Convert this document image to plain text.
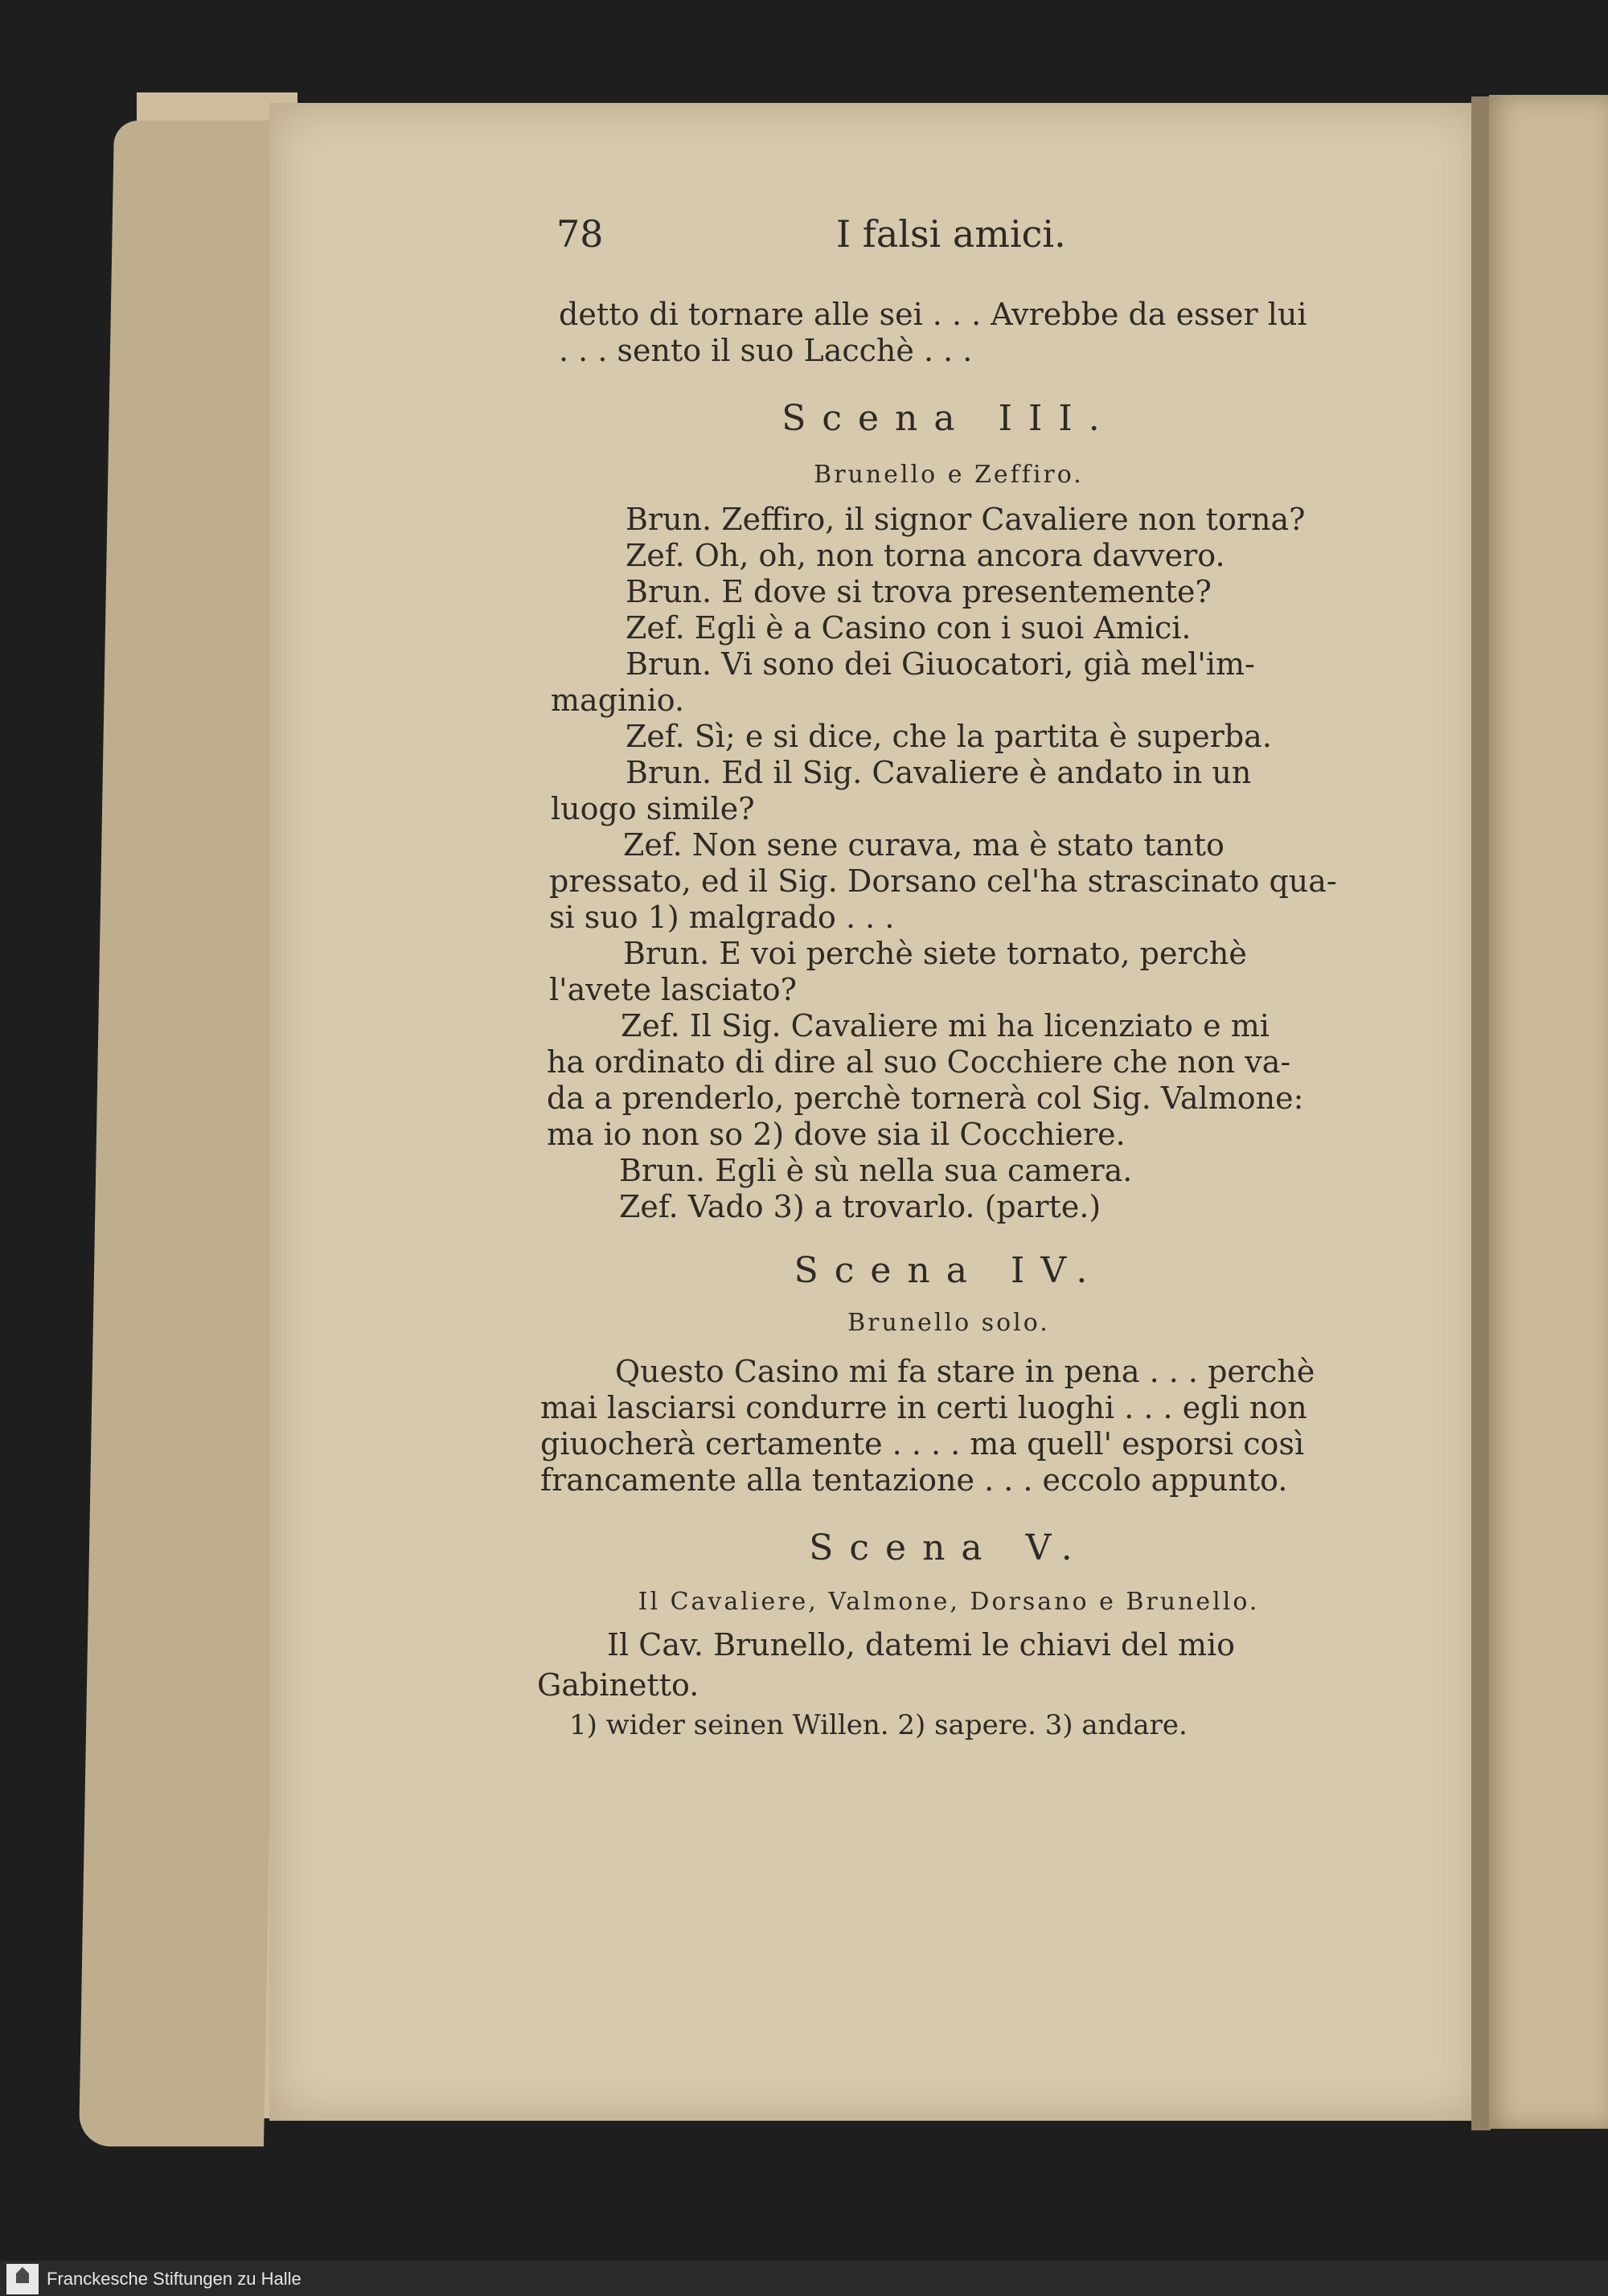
78	I falsi amici.
detto di tornare alle sei . . . Avrebbe da esser lui
. . . sento il suo Lacchè . . .
Scena III.
Brunello e Zeffiro.
Brun. Zeffiro, il signor Cavaliere non torna?
Zef. Oh, oh, non torna ancora davvero.
Brun. E dove si trova presentemente?
Zef. Egli è a Casino con i suoi Amici.
Brun. Vi sono dei Giuocatori, già mel'im-
maginio.
Zef. Sì; e si dice, che la partita è superba.
Brun. Ed il Sig. Cavaliere è andato in un
luogo simile?
Zef. Non sene curava, ma è stato tanto
pressato, ed il Sig. Dorsano cel'ha strascinato qua-
si suo 1) malgrado . . .
Brun. E voi perchè siete tornato, perchè
l'avete lasciato?
Zef. Il Sig. Cavaliere mi ha licenziato e mi
ha ordinato di dire al suo Cocchiere che non va-
da a prenderlo, perchè tornerà col Sig. Valmone:
ma io non so 2) dove sia il Cocchiere.
Brun. Egli è sù nella sua camera.
Zef. Vado 3) a trovarlo. (parte.)
Scena IV.
Brunello solo.
Questo Casino mi fa stare in pena . . . perchè
mai lasciarsi condurre in certi luoghi . . . egli non
giuocherà certamente . . . . ma quell' esporsi così
francamente alla tentazione . . . eccolo appunto.
Scena V.
Il Cavaliere, Valmone, Dorsano e Brunello.
Il Cav. Brunello, datemi le chiavi del mio
Gabinetto.
1) wider seinen Willen. 2) sapere. 3) andare.
Franckesche Stiftungen zu Halle
